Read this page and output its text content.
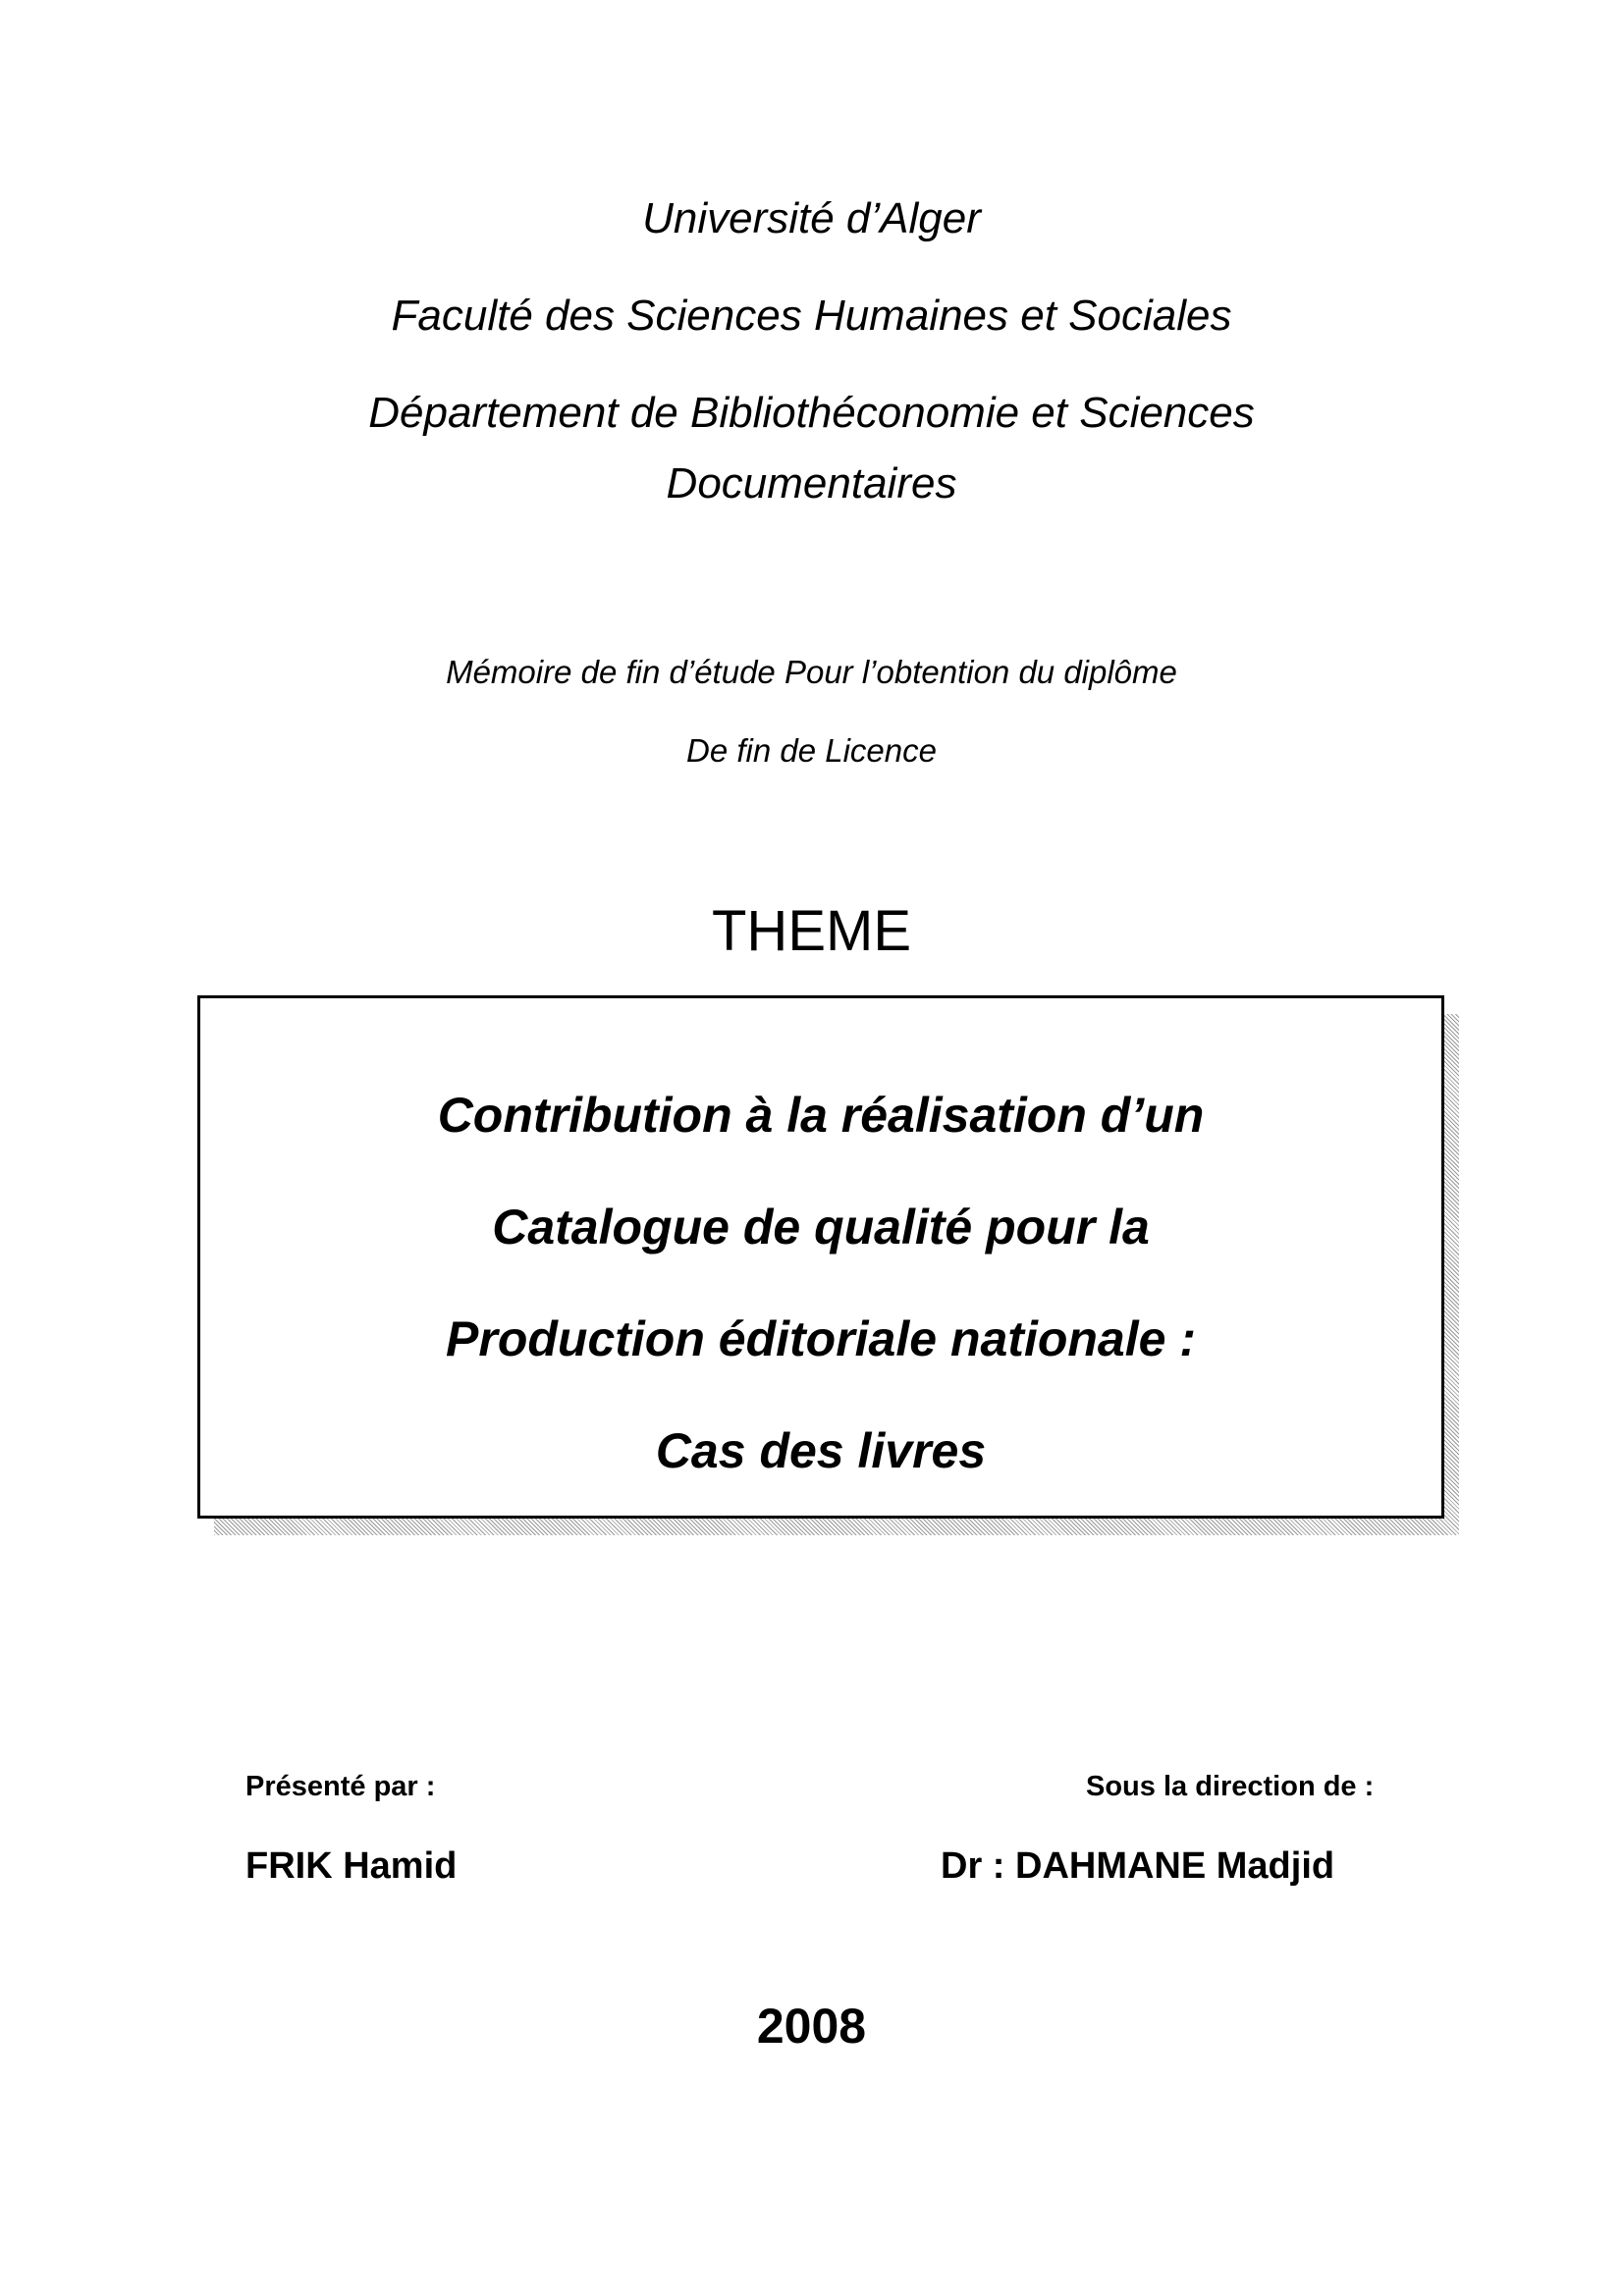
Université d’Alger
Faculté des Sciences Humaines et Sociales
Département de Bibliothéconomie et Sciences
Documentaires
Mémoire de fin d’étude Pour l’obtention du diplôme
De fin de Licence
THEME
Contribution à la réalisation d’un
Catalogue de qualité pour la
Production éditoriale nationale :
Cas des livres
Présenté par :	Sous la direction de :
FRIK Hamid	Dr : DAHMANE Madjid
2008
